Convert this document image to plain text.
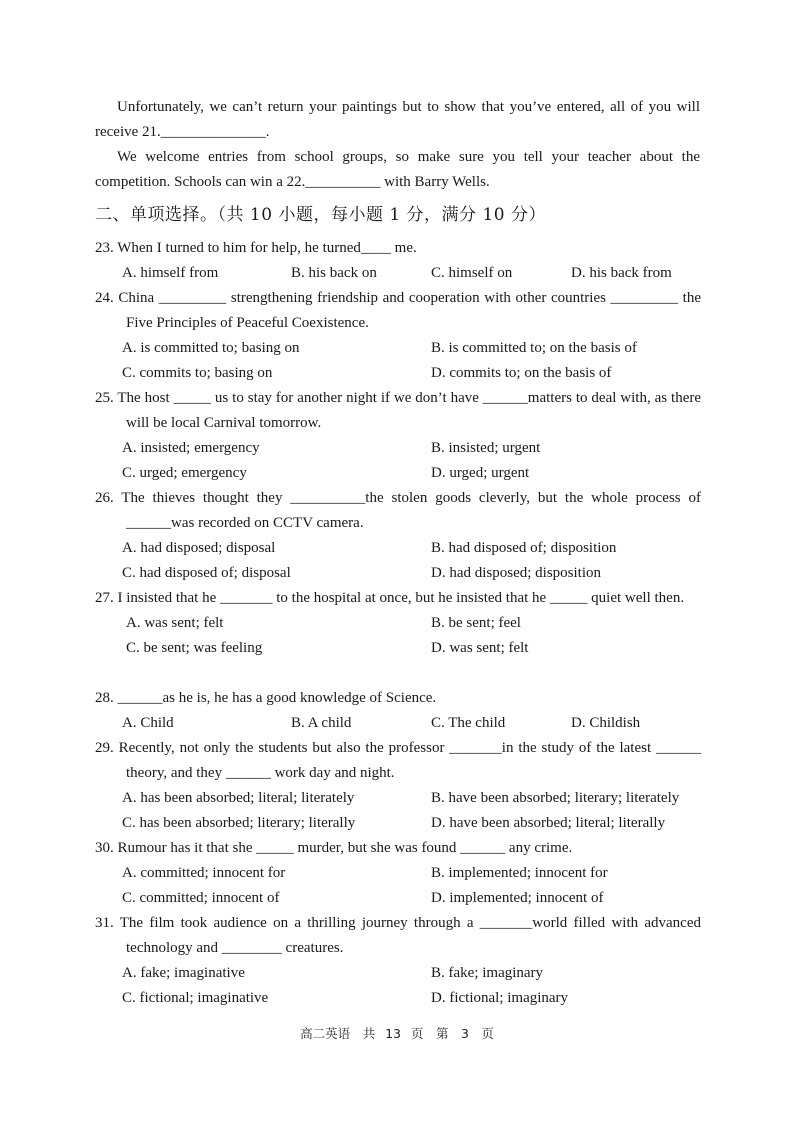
Unfortunately, we can’t return your paintings but to show that you’ve entered, all of you will receive 21.______________.

We welcome entries from school groups, so make sure you tell your teacher about the competition. Schools can win a 22.__________ with Barry Wells.

二、单项选择。（共 10 小题，每小题 1 分，满分 10 分）
23. When I turned to him for help, he turned____ me.
A. himself from	B. his back on	C. himself on	D. his back from
24. China _________ strengthening friendship and cooperation with other countries _________ the Five Principles of Peaceful Coexistence.
A. is committed to; basing on	B. is committed to; on the basis of
C. commits to; basing on	D. commits to; on the basis of
25. The host _____ us to stay for another night if we don’t have ______matters to deal with, as there will be local Carnival tomorrow.
A. insisted; emergency	B. insisted; urgent
C. urged; emergency	D. urged; urgent
26. The thieves thought they __________the stolen goods cleverly, but the whole process of ______was recorded on CCTV camera.
A. had disposed; disposal	B. had disposed of; disposition
C. had disposed of; disposal	D. had disposed; disposition
27. I insisted that he _______ to the hospital at once, but he insisted that he _____ quiet well then.
A. was sent; felt	B. be sent; feel
C. be sent; was feeling	D. was sent; felt
28. ______as he is, he has a good knowledge of Science.
A. Child	B. A child	C. The child	D. Childish
29. Recently, not only the students but also the professor _______in the study of the latest ______ theory, and they ______ work day and night.
A. has been absorbed; literal; literately	B. have been absorbed; literary; literately
C. has been absorbed; literary; literally	D. have been absorbed; literal; literally
30. Rumour has it that she _____ murder, but she was found ______ any crime.
A. committed; innocent for	B. implemented; innocent for
C. committed; innocent of	D. implemented; innocent of
31. The film took audience on a thrilling journey through a _______world filled with advanced technology and ________ creatures.
A. fake; imaginative	B. fake; imaginary
C. fictional; imaginative	D. fictional; imaginary
高二英语　共 13 页　第　3　页
